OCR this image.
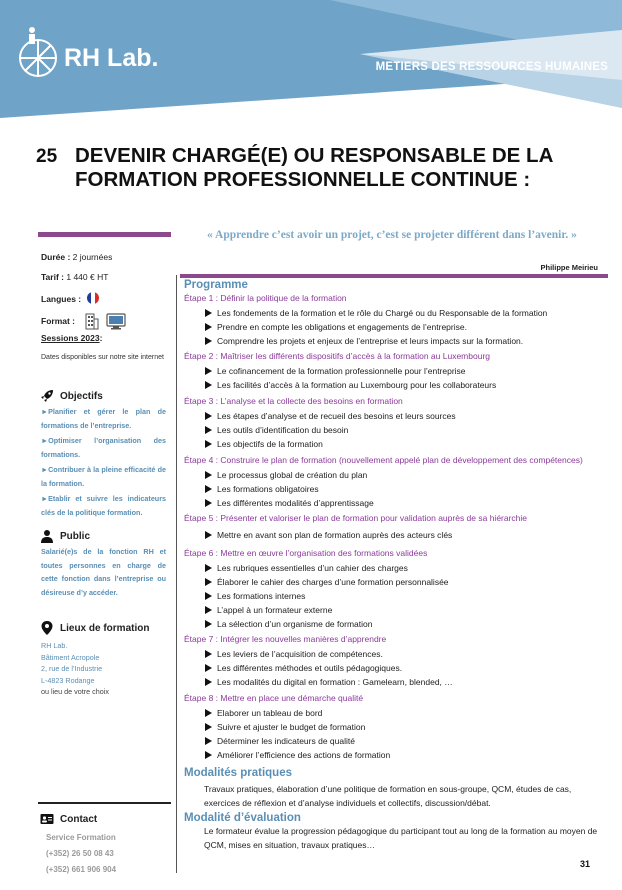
RH Lab.	METIERS DES RESSOURCES HUMAINES
25 DEVENIR CHARGÉ(E) OU RESPONSABLE DE LA
FORMATION PROFESSIONNELLE CONTINUE :
« Apprendre c’est avoir un projet, c’est se projeter différent dans l’avenir. »
Philippe Meirieu
Durée : 2 journées
Tarif : 1 440 € HT
Langues :
Format :
Sessions 2023:
Dates disponibles sur notre site internet
Objectifs

►Planifier et gérer le plan de formations de l’entreprise.

►Optimiser l’organisation des formations.

►Contribuer à la pleine efficacité de la formation.

►Etablir et suivre les indicateurs clés de la politique formation.

Public
Salarié(e)s de la fonction RH et toutes personnes en charge de cette fonction dans l’entreprise ou désireuse d’y accéder.
Lieux de formation
RH Lab.
Bâtiment Acropole
2, rue de l’Industrie
L-4823 Rodange
ou lieu de votre choix
Contact
Service Formation
(+352) 26 50 08 43
(+352) 661 906 904
Programme
Étape 1 : Définir la politique de la formation
Les fondements de la formation et le rôle du Chargé ou du Responsable de la formation
Prendre en compte les obligations et engagements de l’entreprise.
Comprendre les projets et enjeux de l’entreprise et leurs impacts sur la formation.
Étape 2 : Maîtriser les différents dispositifs d’accès à la formation au Luxembourg
Le cofinancement de la formation professionnelle pour l’entreprise
Les facilités d’accès à la formation au Luxembourg pour les collaborateurs
Étape 3 : L’analyse et la collecte des besoins en formation
Les étapes d’analyse et de recueil des besoins et leurs sources
Les outils d’identification du besoin
Les objectifs de la formation
Étape 4 : Construire le plan de formation (nouvellement appelé plan de développement des compétences)
Le processus global de création du plan
Les formations obligatoires
Les différentes modalités d’apprentissage
Étape 5 : Présenter et valoriser le plan de formation pour validation auprès de sa hiérarchie
Mettre en avant son plan de formation auprès des acteurs clés
Étape 6 : Mettre en œuvre l’organisation des formations validées
Les rubriques essentielles d’un cahier des charges
Élaborer le cahier des charges d’une formation personnalisée
Les formations internes
L’appel à un formateur externe
La sélection d’un organisme de formation
Étape 7 : Intégrer les nouvelles manières d’apprendre
Les leviers de l’acquisition de compétences.
Les différentes méthodes et outils pédagogiques.
Les modalités du digital en formation : Gamelearn, blended, …
Étape 8 : Mettre en place une démarche qualité
Elaborer un tableau de bord
Suivre et ajuster le budget de formation
Déterminer les indicateurs de qualité
Améliorer l’efficience des actions de formation
Modalités pratiques
Travaux pratiques, élaboration d’une politique de formation en sous-groupe, QCM, études de cas, exercices de réflexion et d’analyse individuels et collectifs, discussion/débat.
Modalité d’évaluation
Le formateur évalue la progression pédagogique du participant tout au long de la formation au moyen de QCM, mises en situation, travaux pratiques…
31
